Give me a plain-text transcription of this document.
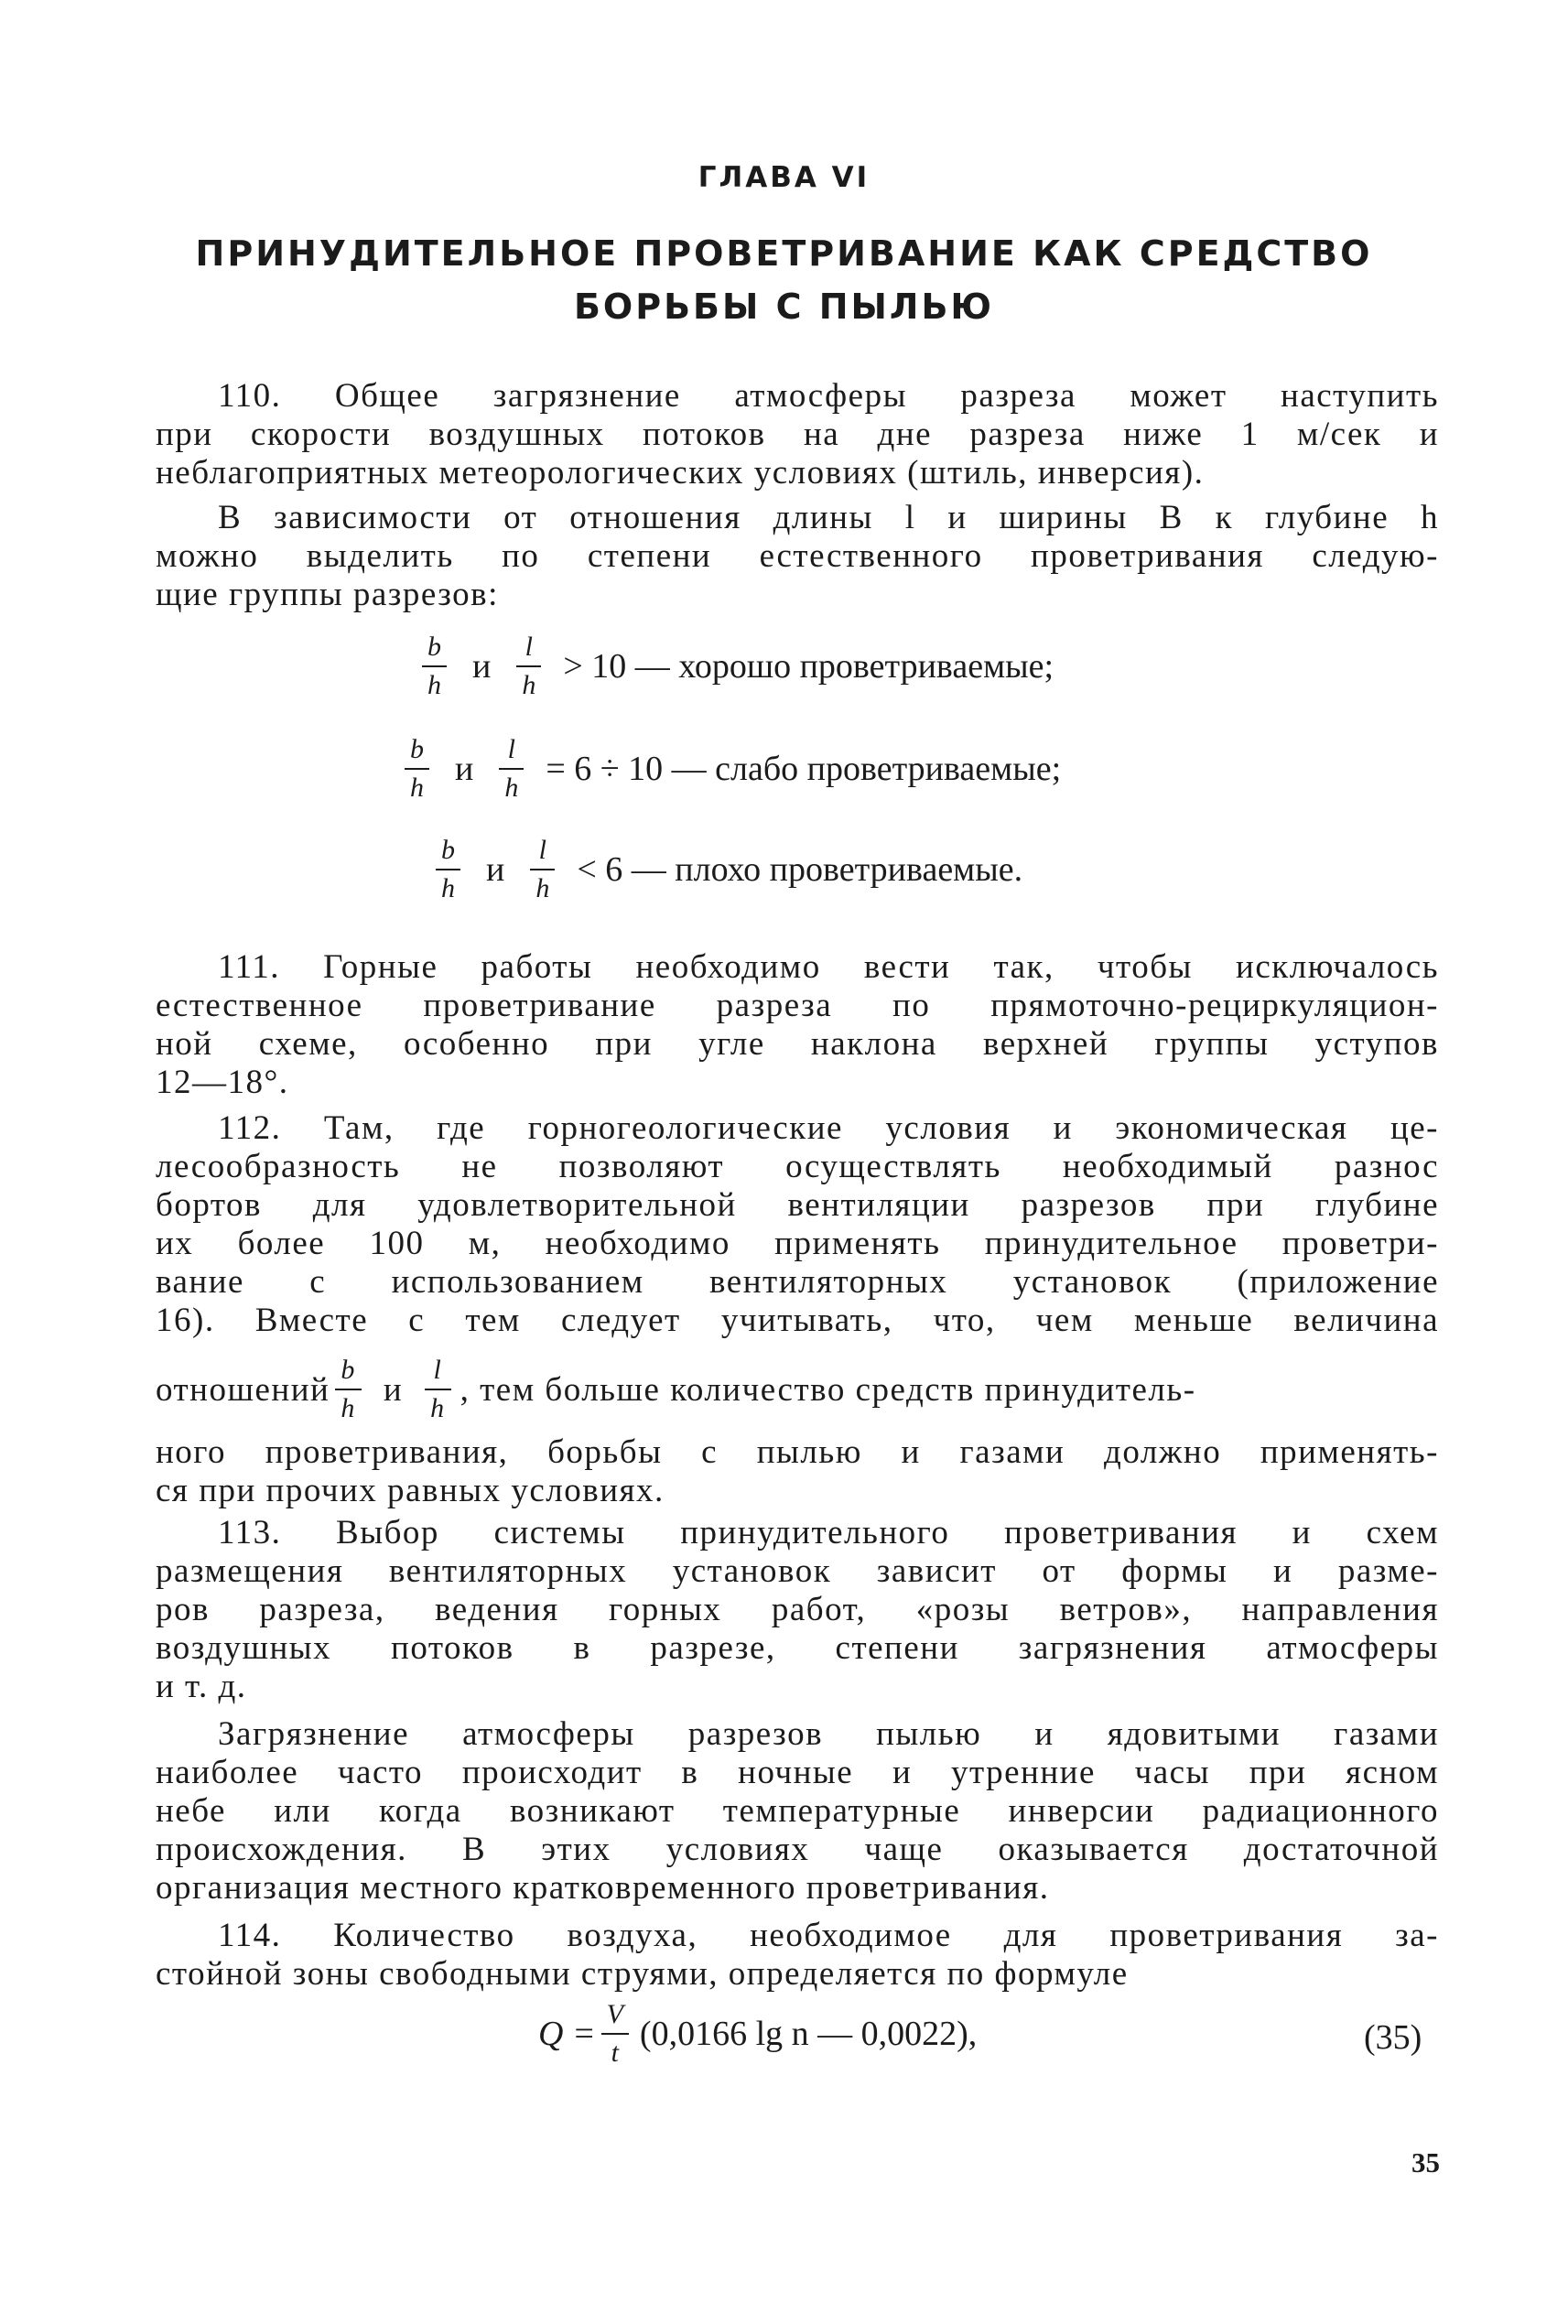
ГЛАВА VI
ПРИНУДИТЕЛЬНОЕ ПРОВЕТРИВАНИЕ КАК СРЕДСТВО
БОРЬБЫ С ПЫЛЬЮ
110. Общее загрязнение атмосферы разреза может наступить
при скорости воздушных потоков на дне разреза ниже 1 м/сек и
неблагоприятных метеорологических условиях (штиль, инверсия).
В зависимости от отношения длины l и ширины B к глубине h
можно выделить по степени естественного проветривания следую-
щие группы разрезов:
$\frac{b}{h}$ и $\frac{l}{h} > 10$ — хорошо проветриваемые;
$\frac{b}{h}$ и $\frac{l}{h} = 6 \div 10$ — слабо проветриваемые;
$\frac{b}{h}$ и $\frac{l}{h} < 6$ — плохо проветриваемые.
111. Горные работы необходимо вести так, чтобы исключалось
естественное проветривание разреза по прямоточно-рециркуляцион-
ной схеме, особенно при угле наклона верхней группы уступов
12—18°.
112. Там, где горногеологические условия и экономическая це-
лесообразность не позволяют осуществлять необходимый разнос
бортов для удовлетворительной вентиляции разрезов при глубине
их более 100 м, необходимо применять принудительное проветри-
вание с использованием вентиляторных установок (приложение
16). Вместе с тем следует учитывать, что, чем меньше величина
отношений $\frac{b}{h}$ и $\frac{l}{h}$ , тем больше количество средств принудитель-
ного проветривания, борьбы с пылью и газами должно применять-
ся при прочих равных условиях.
113. Выбор системы принудительного проветривания и схем
размещения вентиляторных установок зависит от формы и разме-
ров разреза, ведения горных работ, «розы ветров», направления
воздушных потоков в разрезе, степени загрязнения атмосферы
и т. д.
Загрязнение атмосферы разрезов пылью и ядовитыми газами
наиболее часто происходит в ночные и утренние часы при ясном
небе или когда возникают температурные инверсии радиационного
происхождения. В этих условиях чаще оказывается достаточной
организация местного кратковременного проветривания.
114. Количество воздуха, необходимое для проветривания за-
стойной зоны свободными струями, определяется по формуле
$Q = \frac{V}{t} (0,0166$ lg n — 0,0022),	(35)
35
